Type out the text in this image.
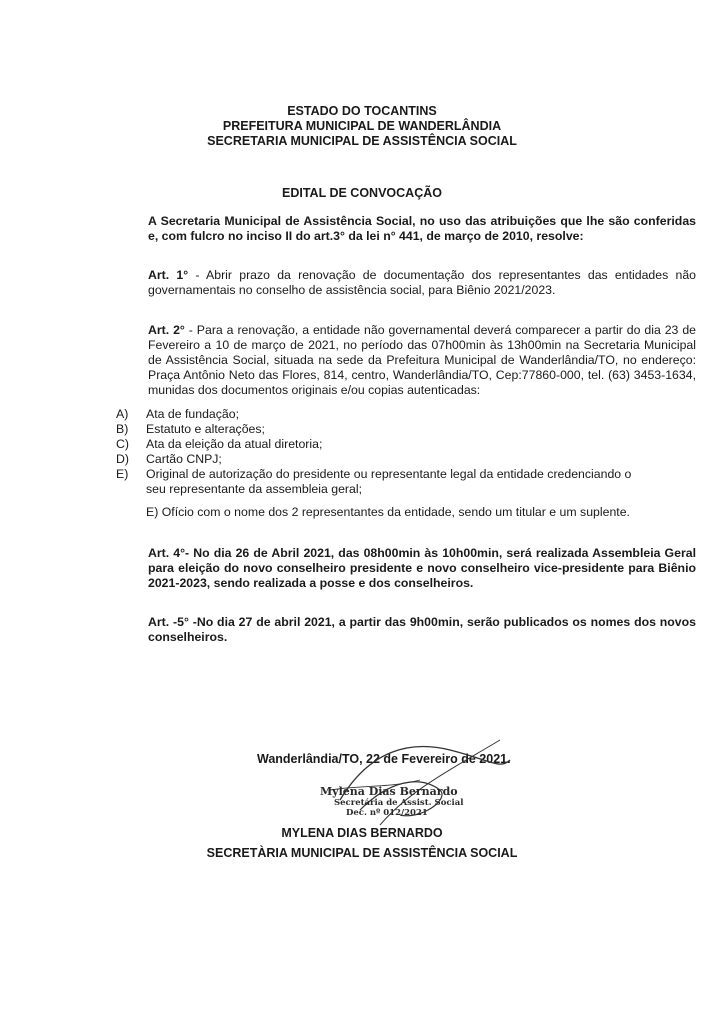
ESTADO DO TOCANTINS
PREFEITURA MUNICIPAL DE WANDERLÂNDIA
SECRETARIA MUNICIPAL DE ASSISTÊNCIA SOCIAL
EDITAL DE CONVOCAÇÃO
A Secretaria Municipal de Assistência Social, no uso das atribuições que lhe são conferidas e, com fulcro no inciso II do art.3° da lei n° 441, de março de 2010, resolve:
Art. 1° - Abrir prazo da renovação de documentação dos representantes das entidades não governamentais no conselho de assistência social, para Biênio 2021/2023.
Art. 2° - Para a renovação, a entidade não governamental deverá comparecer a partir do dia 23 de Fevereiro a 10 de março de 2021, no período das 07h00min às 13h00min na Secretaria Municipal de Assistência Social, situada na sede da Prefeitura Municipal de Wanderlândia/TO, no endereço: Praça Antônio Neto das Flores, 814, centro, Wanderlândia/TO, Cep:77860-000, tel. (63) 3453-1634, munidas dos documentos originais e/ou copias autenticadas:
A)	Ata de fundação;
B)	Estatuto e alterações;
C)	Ata da eleição da atual diretoria;
D)	Cartão CNPJ;
E)	Original de autorização do presidente ou representante legal da entidade credenciando o seu representante da assembleia geral;
E) Ofício com o nome dos 2 representantes da entidade, sendo um titular e um suplente.
Art. 4°- No dia 26 de Abril 2021, das 08h00min às 10h00min, será realizada Assembleia Geral para eleição do novo conselheiro presidente e novo conselheiro vice-presidente para Biênio 2021-2023, sendo realizada a posse e dos conselheiros.
Art. -5° -No dia 27 de abril 2021, a partir das 9h00min, serão publicados os nomes dos novos conselheiros.
Wanderlândia/TO, 22 de Fevereiro de 2021.
Mylena Dias Bernardo
Secretária de Assist. Social
Dec. nº 012/2021
MYLENA DIAS BERNARDO
SECRETÀRIA MUNICIPAL DE ASSISTÊNCIA SOCIAL
